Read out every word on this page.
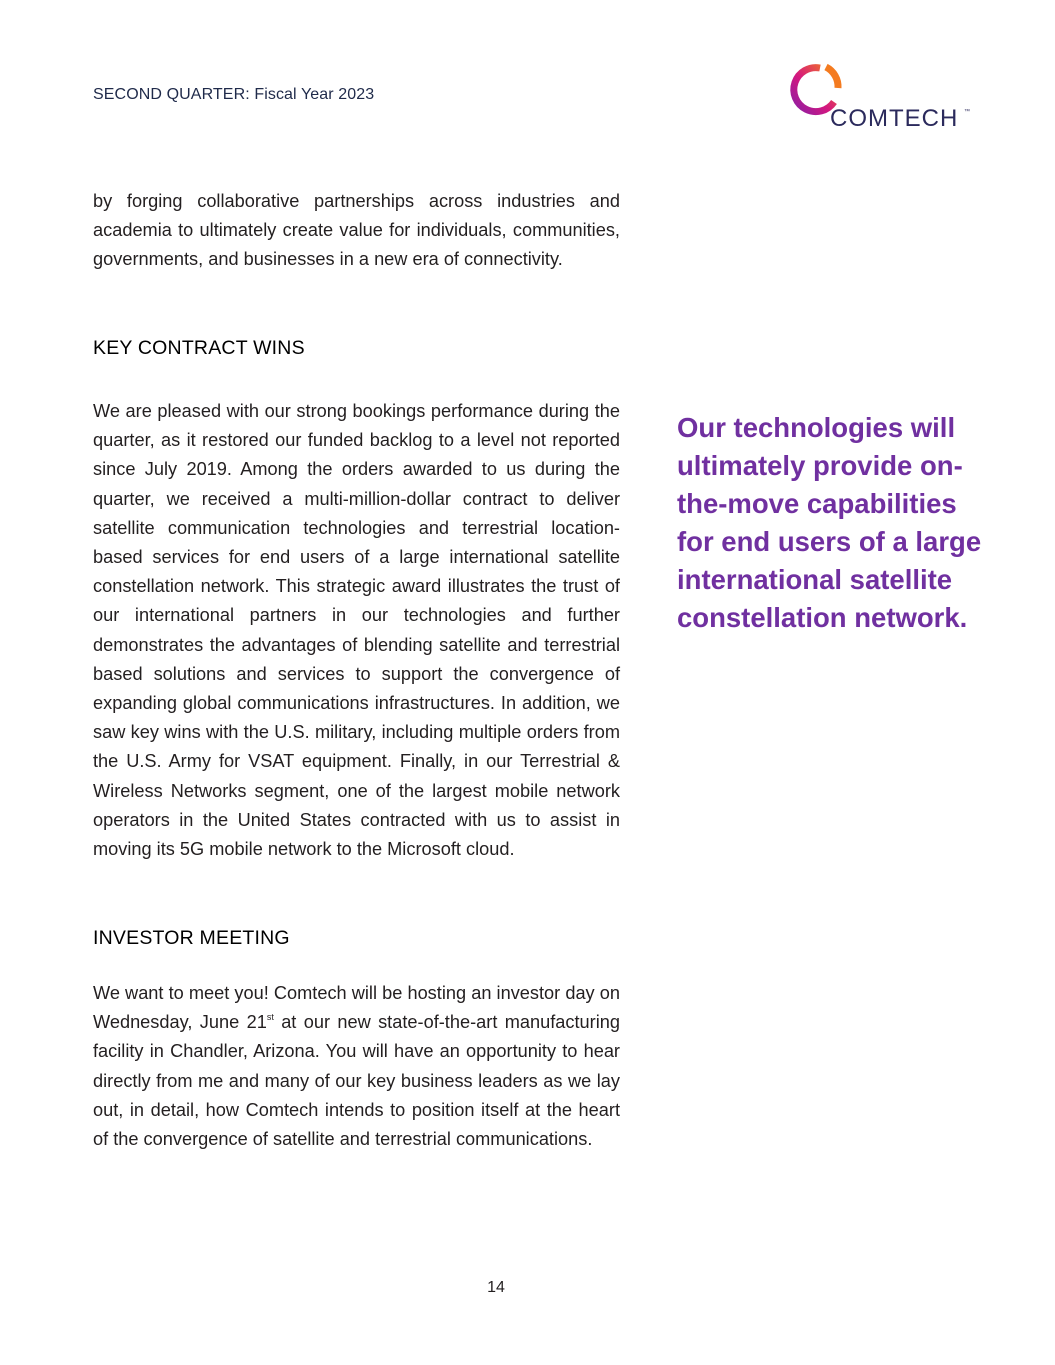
SECOND QUARTER: Fiscal Year 2023
COMTECH ™

by forging collaborative partnerships across industries and academia to ultimately create value for individuals, communities, governments, and businesses in a new era of connectivity.

KEY CONTRACT WINS

We are pleased with our strong bookings performance during the quarter, as it restored our funded backlog to a level not reported since July 2019. Among the orders awarded to us during the quarter, we received a multi-million-dollar contract to deliver satellite communication technologies and terrestrial location-based services for end users of a large international satellite constellation network. This strategic award illustrates the trust of our international partners in our technologies and further demonstrates the advantages of blending satellite and terrestrial based solutions and services to support the convergence of expanding global communications infrastructures. In addition, we saw key wins with the U.S. military, including multiple orders from the U.S. Army for VSAT equipment. Finally, in our Terrestrial & Wireless Networks segment, one of the largest mobile network operators in the United States contracted with us to assist in moving its 5G mobile network to the Microsoft cloud.

INVESTOR MEETING

We want to meet you! Comtech will be hosting an investor day on Wednesday, June 21st at our new state-of-the-art manufacturing facility in Chandler, Arizona. You will have an opportunity to hear directly from me and many of our key business leaders as we lay out, in detail, how Comtech intends to position itself at the heart of the convergence of satellite and terrestrial communications.

Our technologies will ultimately provide on-the-move capabilities for end users of a large international satellite constellation network.
14
